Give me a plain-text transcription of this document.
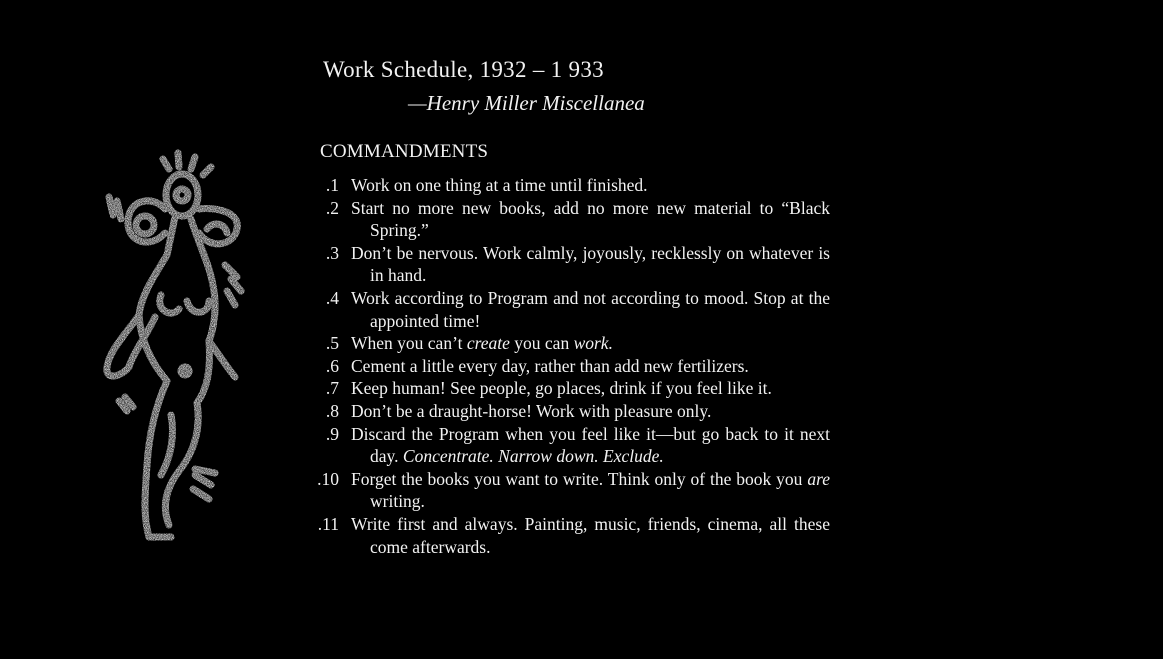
Work Schedule, 1932 – 1 933
—Henry Miller Miscellanea
COMMANDMENTS
1. Work on one thing at a time until finished.
2. Start no more new books, add no more new material to “Black Spring.”
3. Don’t be nervous. Work calmly, joyously, recklessly on whatever is in hand.
4. Work according to Program and not according to mood. Stop at the appointed time!
5. When you can’t create you can work.
6. Cement a little every day, rather than add new fertilizers.
7. Keep human! See people, go places, drink if you feel like it.
8. Don’t be a draught-horse! Work with pleasure only.
9. Discard the Program when you feel like it—but go back to it next day. Concentrate. Narrow down. Exclude.
10. Forget the books you want to write. Think only of the book you are writing.
11. Write first and always. Painting, music, friends, cinema, all these come afterwards.
